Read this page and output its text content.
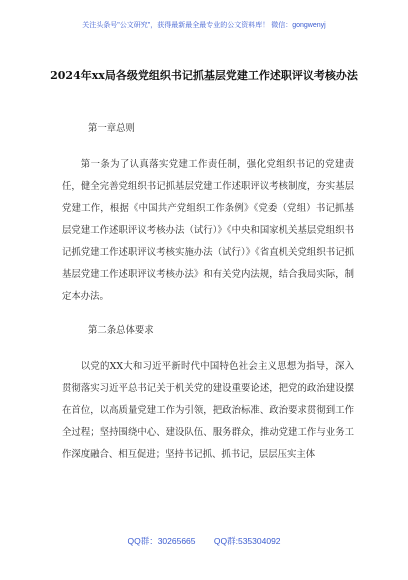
关注头条号"公文研究"，获得最新最全最专业的公文资料库！ 微信：gongwenyj
2024年xx局各级党组织书记抓基层党建工作述职评议考核办法
第一章总则
第一条为了认真落实党建工作责任制，强化党组织书记的党建责任，健全完善党组织书记抓基层党建工作述职评议考核制度，夯实基层党建工作，根据《中国共产党组织工作条例》《党委（党组）书记抓基层党建工作述职评议考核办法（试行）》《中央和国家机关基层党组织书记抓党建工作述职评议考核实施办法（试行）》《省直机关党组织书记抓基层党建工作述职评议考核办法》和有关党内法规，结合我局实际，制定本办法。
第二条总体要求
以党的XX大和习近平新时代中国特色社会主义思想为指导，深入贯彻落实习近平总书记关于机关党的建设重要论述，把党的政治建设摆在首位，以高质量党建工作为引领，把政治标准、政治要求贯彻到工作全过程；坚持围绕中心、建设队伍、服务群众，推动党建工作与业务工作深度融合、相互促进；坚持书记抓、抓书记，层层压实主体
QQ群：30265665 QQ群:535304092
